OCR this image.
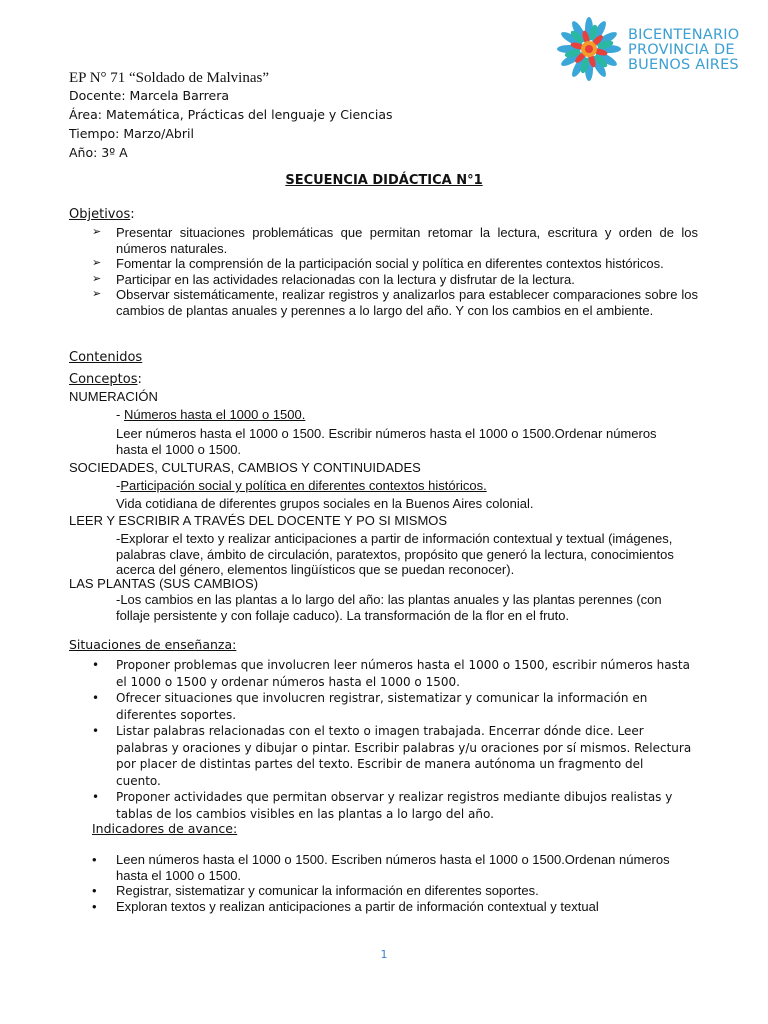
BICENTENARIO
PROVINCIA DE
BUENOS AIRES
EP N° 71 “Soldado de Malvinas”
Docente: Marcela Barrera
Área: Matemática, Prácticas del lenguaje y Ciencias
Tiempo: Marzo/Abril
Año: 3º A
SECUENCIA DIDÁCTICA N°1
Objetivos:
➢ Presentar situaciones problemáticas que permitan retomar la lectura, escritura y orden de los números naturales.
➢ Fomentar la comprensión de la participación social y política en diferentes contextos históricos.
➢ Participar en las actividades relacionadas con la lectura y disfrutar de la lectura.
➢ Observar sistemáticamente, realizar registros y analizarlos para establecer comparaciones sobre los cambios de plantas anuales y perennes a lo largo del año. Y con los cambios en el ambiente.
Contenidos
Conceptos:
NUMERACIÓN
- Números hasta el 1000 o 1500.
Leer números hasta el 1000 o 1500. Escribir números hasta el 1000 o 1500.Ordenar números hasta el 1000 o 1500.
SOCIEDADES, CULTURAS, CAMBIOS Y CONTINUIDADES
-Participación social y política en diferentes contextos históricos.
Vida cotidiana de diferentes grupos sociales en la Buenos Aires colonial.
LEER Y ESCRIBIR A TRAVÉS DEL DOCENTE Y PO SI MISMOS
-Explorar el texto y realizar anticipaciones a partir de información contextual y textual (imágenes, palabras clave, ámbito de circulación, paratextos, propósito que generó la lectura, conocimientos acerca del género, elementos lingüísticos que se puedan reconocer).
LAS PLANTAS (SUS CAMBIOS)
-Los cambios en las plantas a lo largo del año: las plantas anuales y las plantas perennes (con follaje persistente y con follaje caduco). La transformación de la flor en el fruto.
Situaciones de enseñanza:
• Proponer problemas que involucren leer números hasta el 1000 o 1500, escribir números hasta el 1000 o 1500 y ordenar números hasta el 1000 o 1500.
• Ofrecer situaciones que involucren registrar, sistematizar y comunicar la información en diferentes soportes.
• Listar palabras relacionadas con el texto o imagen trabajada. Encerrar dónde dice. Leer palabras y oraciones y dibujar o pintar. Escribir palabras y/u oraciones por sí mismos. Relectura por placer de distintas partes del texto. Escribir de manera autónoma un fragmento del cuento.
• Proponer actividades que permitan observar y realizar registros mediante dibujos realistas y tablas de los cambios visibles en las plantas a lo largo del año.
Indicadores de avance:
• Leen números hasta el 1000 o 1500. Escriben números hasta el 1000 o 1500.Ordenan números hasta el 1000 o 1500.
• Registrar, sistematizar y comunicar la información en diferentes soportes.
• Exploran textos y realizan anticipaciones a partir de información contextual y textual
1
